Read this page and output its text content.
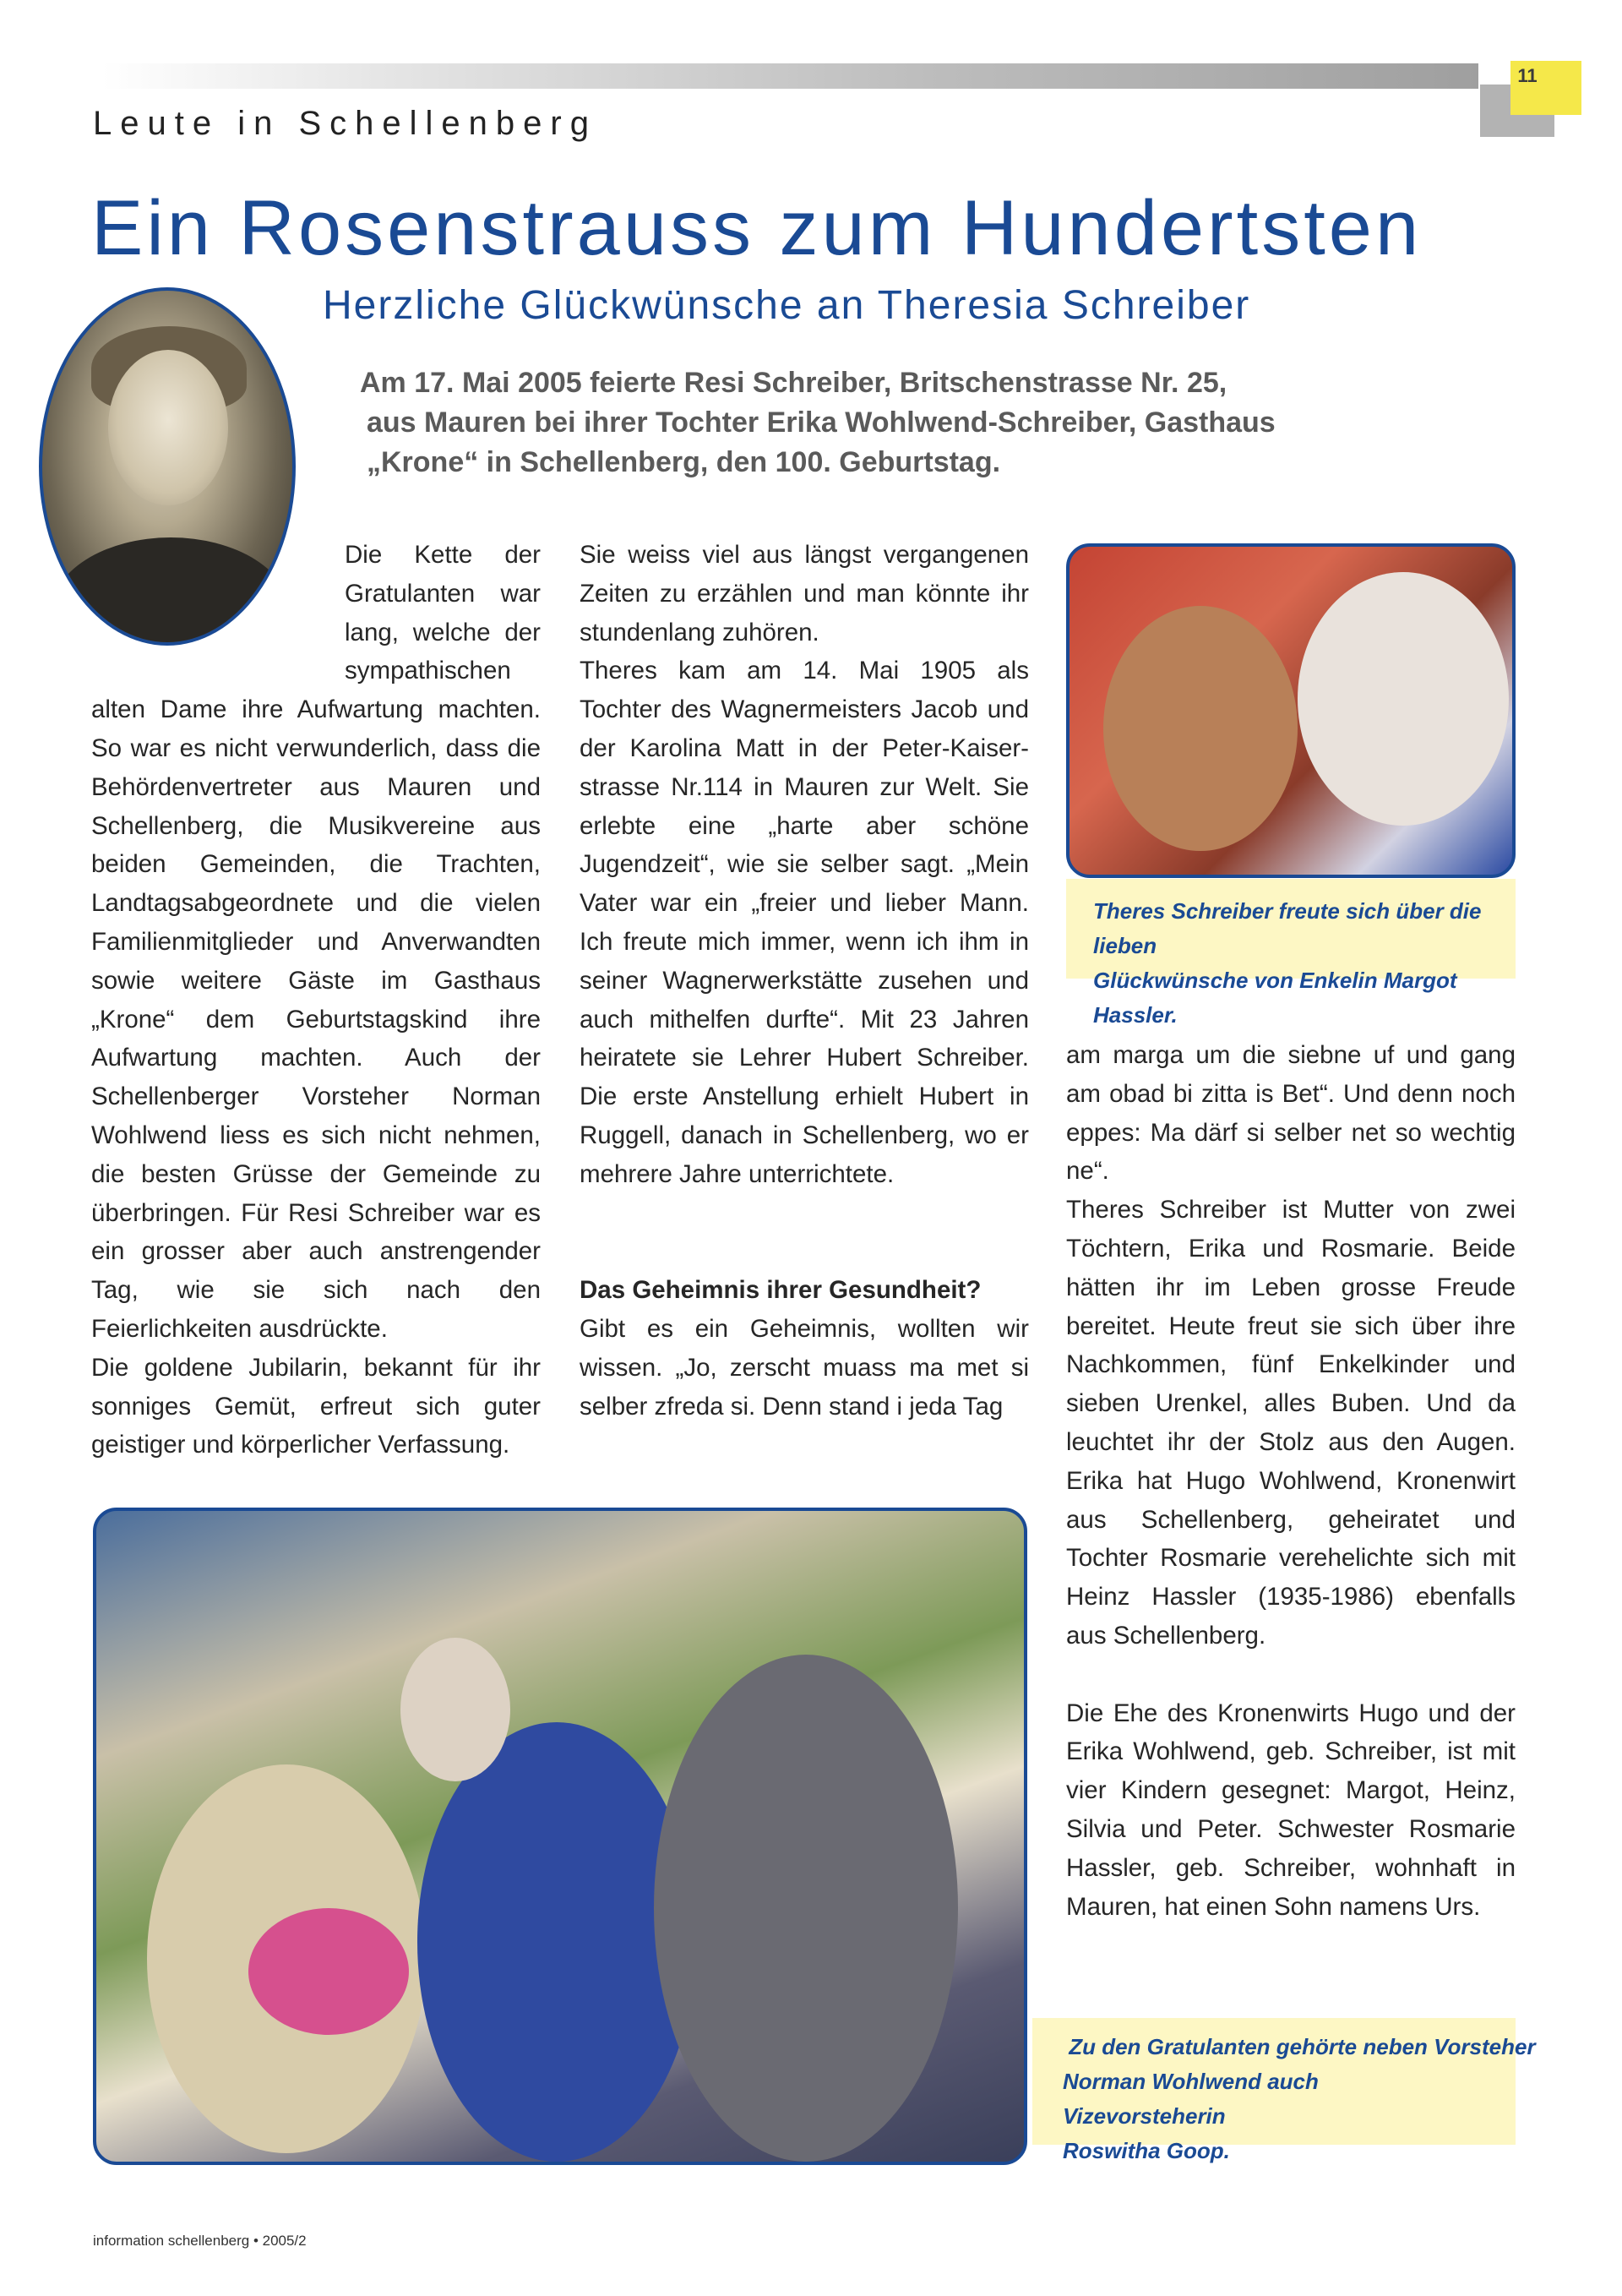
11
Leute in Schellenberg
Ein Rosenstrauss zum Hundertsten
Herzliche Glückwünsche an Theresia Schreiber

Am 17. Mai 2005 feierte Resi Schreiber, Britschenstrasse Nr. 25,

aus Mauren bei ihrer Tochter Erika Wohlwend-Schreiber, Gasthaus

„Krone“ in Schellenberg, den 100. Geburtstag.

Die Kette der Gratulanten war lang, welche der sympathischen alten Dame ihre Aufwartung machten. So war es nicht verwunderlich, dass die Behördenvertreter aus Mauren und Schellenberg, die Musikvereine aus beiden Gemeinden, die Trachten, Landtagsabgeordnete und die vielen Familienmitglieder und Anverwandten sowie weitere Gäste im Gasthaus „Krone“ dem Geburtstagskind ihre Aufwartung machten. Auch der Schellenberger Vorsteher Norman Wohlwend liess es sich nicht nehmen, die besten Grüsse der Gemeinde zu überbringen. Für Resi Schreiber war es ein grosser aber auch anstrengender Tag, wie sie sich nach den Feierlichkeiten ausdrückte.

Die goldene Jubilarin, bekannt für ihr sonniges Gemüt, erfreut sich guter geistiger und körperlicher Verfassung.

Sie weiss viel aus längst vergangenen Zeiten zu erzählen und man könnte ihr stundenlang zuhören.

Theres kam am 14. Mai 1905 als Tochter des Wagnermeisters Jacob und der Karolina Matt in der Peter-Kaiser-strasse Nr.114 in Mauren zur Welt. Sie erlebte eine „harte aber schöne Jugendzeit“, wie sie selber sagt. „Mein Vater war ein „freier und lieber Mann. Ich freute mich immer, wenn ich ihm in seiner Wagnerwerkstätte zusehen und auch mithelfen durfte“. Mit 23 Jahren heiratete sie Lehrer Hubert Schreiber. Die erste Anstellung erhielt Hubert in Ruggell, danach in Schellenberg, wo er mehrere Jahre unterrichtete.

Das Geheimnis ihrer Gesundheit?

Gibt es ein Geheimnis, wollten wir wissen. „Jo, zerscht muass ma met si selber zfreda si. Denn stand i jeda Tag

Theres Schreiber freute sich über die lieben

Glückwünsche von Enkelin Margot Hassler.

am marga um die siebne uf und gang am obad bi zitta is Bet“. Und denn noch eppes: Ma därf si selber net so wechtig ne“.

Theres Schreiber ist Mutter von zwei Töchtern, Erika und Rosmarie. Beide hätten ihr im Leben grosse Freude bereitet. Heute freut sie sich über ihre Nachkommen, fünf Enkelkinder und sieben Urenkel, alles Buben. Und da leuchtet ihr der Stolz aus den Augen. Erika hat Hugo Wohlwend, Kronenwirt aus Schellenberg, geheiratet und Tochter Rosmarie verehelichte sich mit Heinz Hassler (1935-1986) ebenfalls aus Schellenberg.

Die Ehe des Kronenwirts Hugo und der Erika Wohlwend, geb. Schreiber, ist mit vier Kindern gesegnet: Margot, Heinz, Silvia und Peter. Schwester Rosmarie Hassler, geb. Schreiber, wohnhaft in Mauren, hat einen Sohn namens Urs.

Zu den Gratulanten gehörte neben Vorsteher

Norman Wohlwend auch Vizevorsteherin

Roswitha Goop.

information schellenberg • 2005/2
